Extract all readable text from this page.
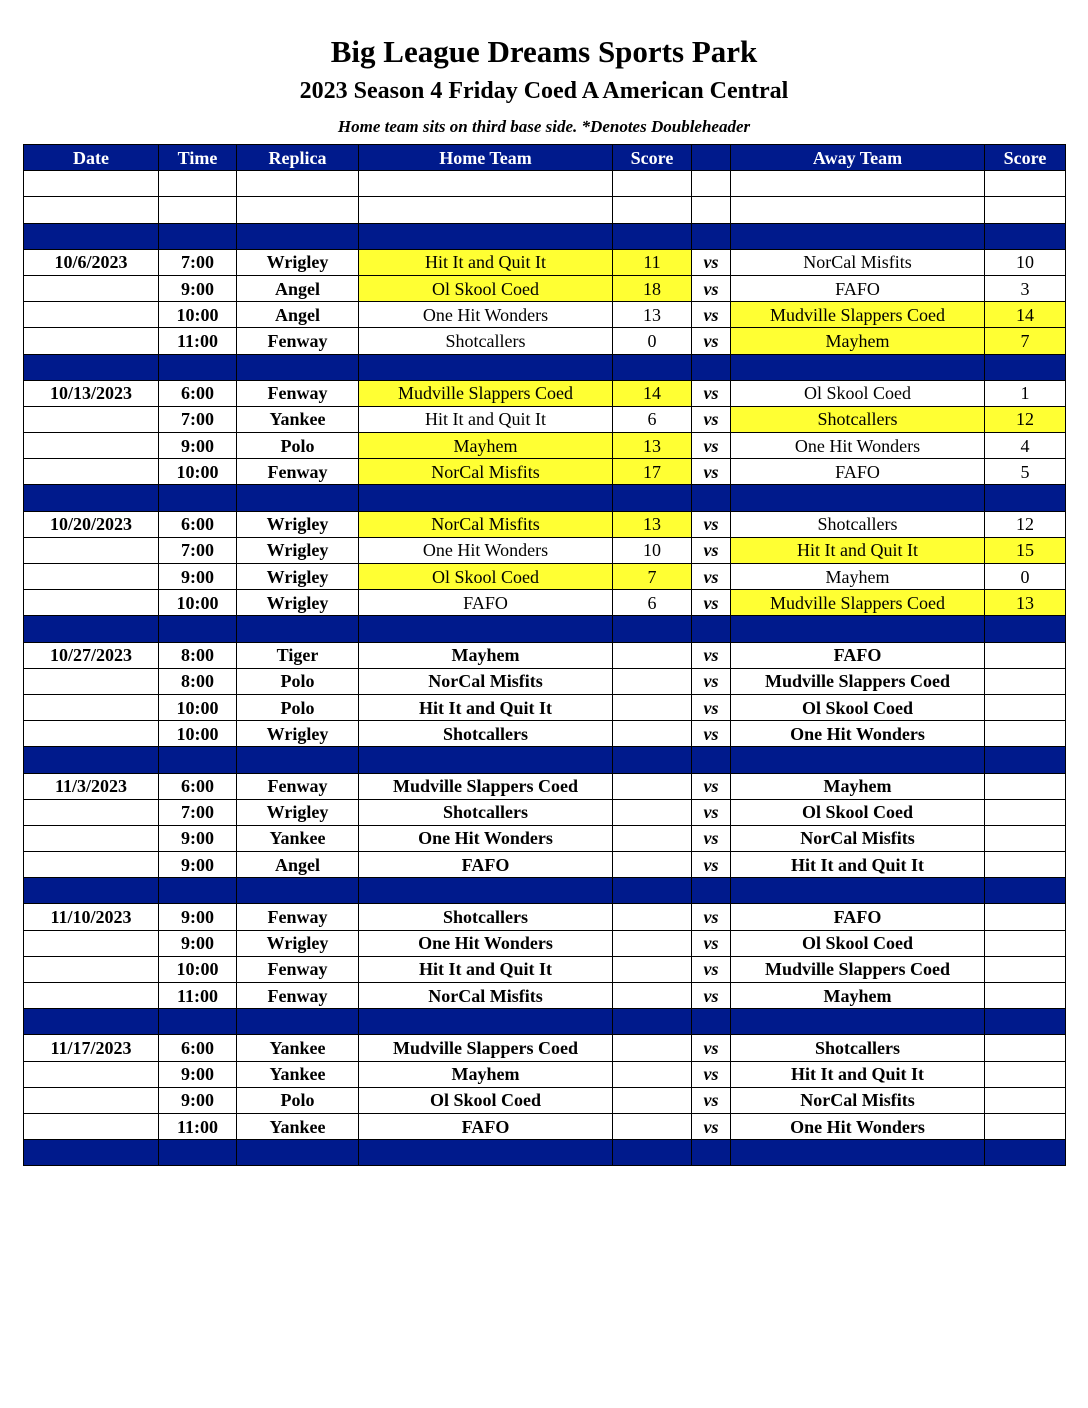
Big League Dreams Sports Park
2023 Season 4 Friday Coed A American Central
Home team sits on third base side. *Denotes Doubleheader
Date	Time	Replica	Home Team	Score		Away Team	Score

10/6/2023	7:00	Wrigley	Hit It and Quit It	11	vs	NorCal Misfits	10
	9:00	Angel	Ol Skool Coed	18	vs	FAFO	3
	10:00	Angel	One Hit Wonders	13	vs	Mudville Slappers Coed	14
	11:00	Fenway	Shotcallers	0	vs	Mayhem	7

10/13/2023	6:00	Fenway	Mudville Slappers Coed	14	vs	Ol Skool Coed	1
	7:00	Yankee	Hit It and Quit It	6	vs	Shotcallers	12
	9:00	Polo	Mayhem	13	vs	One Hit Wonders	4
	10:00	Fenway	NorCal Misfits	17	vs	FAFO	5

10/20/2023	6:00	Wrigley	NorCal Misfits	13	vs	Shotcallers	12
	7:00	Wrigley	One Hit Wonders	10	vs	Hit It and Quit It	15
	9:00	Wrigley	Ol Skool Coed	7	vs	Mayhem	0
	10:00	Wrigley	FAFO	6	vs	Mudville Slappers Coed	13

10/27/2023	8:00	Tiger	Mayhem		vs	FAFO	
	8:00	Polo	NorCal Misfits		vs	Mudville Slappers Coed	
	10:00	Polo	Hit It and Quit It		vs	Ol Skool Coed	
	10:00	Wrigley	Shotcallers		vs	One Hit Wonders	

11/3/2023	6:00	Fenway	Mudville Slappers Coed		vs	Mayhem	
	7:00	Wrigley	Shotcallers		vs	Ol Skool Coed	
	9:00	Yankee	One Hit Wonders		vs	NorCal Misfits	
	9:00	Angel	FAFO		vs	Hit It and Quit It	

11/10/2023	9:00	Fenway	Shotcallers		vs	FAFO	
	9:00	Wrigley	One Hit Wonders		vs	Ol Skool Coed	
	10:00	Fenway	Hit It and Quit It		vs	Mudville Slappers Coed	
	11:00	Fenway	NorCal Misfits		vs	Mayhem	

11/17/2023	6:00	Yankee	Mudville Slappers Coed		vs	Shotcallers	
	9:00	Yankee	Mayhem		vs	Hit It and Quit It	
	9:00	Polo	Ol Skool Coed		vs	NorCal Misfits	
	11:00	Yankee	FAFO		vs	One Hit Wonders	
